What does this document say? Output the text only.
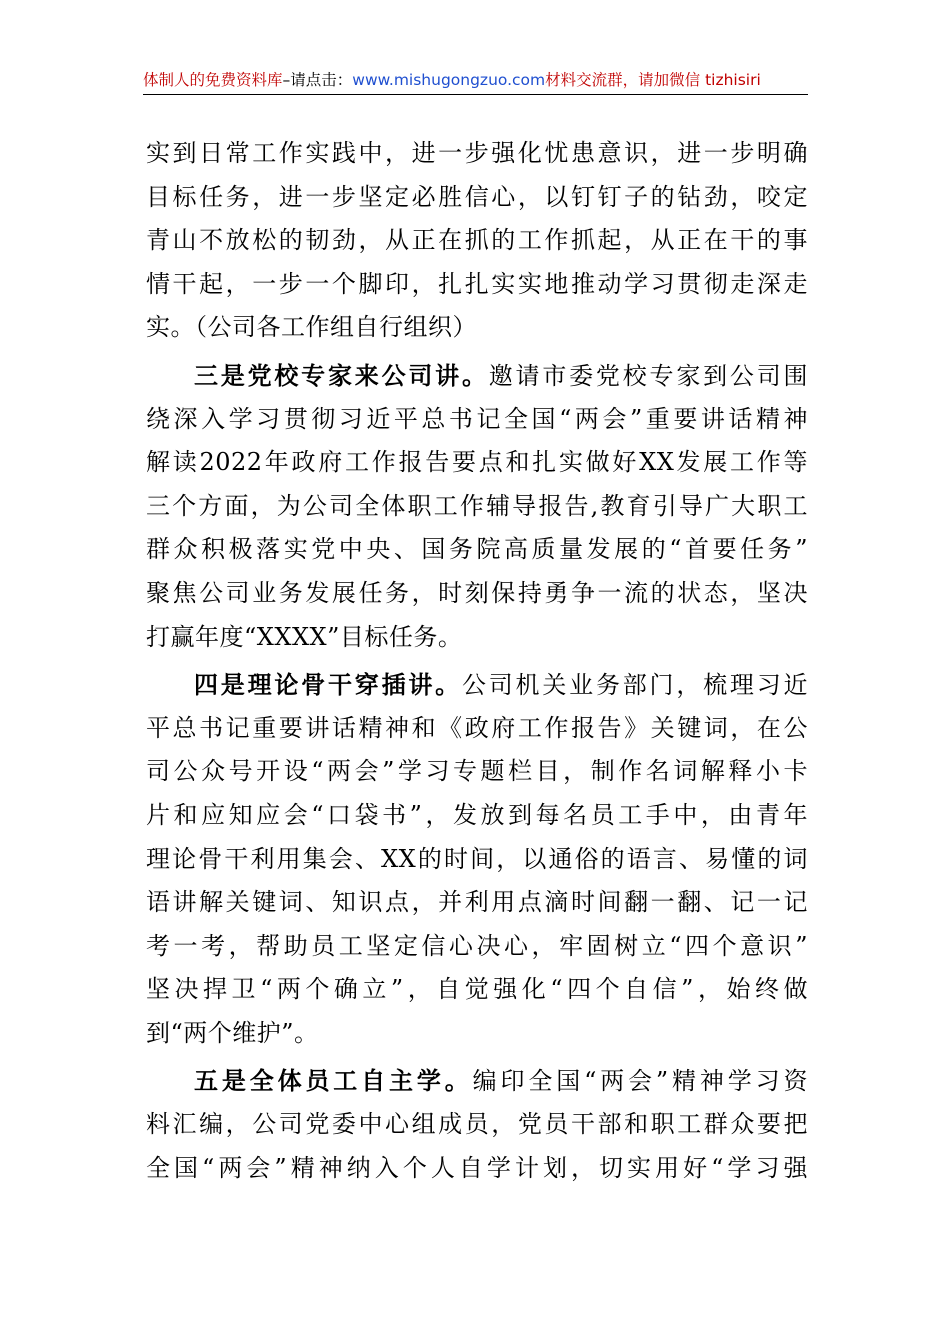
体制人的免费资料库–请点击：www.mishugongzuo.com材料交流群，请加微信 tizhisiri
实到日常工作实践中，进一步强化忧患意识，进一步明确
目标任务，进一步坚定必胜信心，以钉钉子的钻劲，咬定
青山不放松的韧劲，从正在抓的工作抓起，从正在干的事
情干起，一步一个脚印，扎扎实实地推动学习贯彻走深走
实。（公司各工作组自行组织）
三是党校专家来公司讲。邀请市委党校专家到公司围
绕深入学习贯彻习近平总书记全国“两会”重要讲话精神
解读2022年政府工作报告要点和扎实做好XX发展工作等
三个方面，为公司全体职工作辅导报告,教育引导广大职工
群众积极落实党中央、国务院高质量发展的“首要任务”
聚焦公司业务发展任务，时刻保持勇争一流的状态，坚决
打赢年度“XXXX”目标任务。
四是理论骨干穿插讲。公司机关业务部门，梳理习近
平总书记重要讲话精神和《政府工作报告》关键词，在公
司公众号开设“两会”学习专题栏目，制作名词解释小卡
片和应知应会“口袋书”，发放到每名员工手中，由青年
理论骨干利用集会、XX的时间，以通俗的语言、易懂的词
语讲解关键词、知识点，并利用点滴时间翻一翻、记一记
考一考，帮助员工坚定信心决心，牢固树立“四个意识”
坚决捍卫“两个确立”，自觉强化“四个自信”，始终做
到“两个维护”。
五是全体员工自主学。编印全国“两会”精神学习资
料汇编，公司党委中心组成员，党员干部和职工群众要把
全国“两会”精神纳入个人自学计划，切实用好“学习强
